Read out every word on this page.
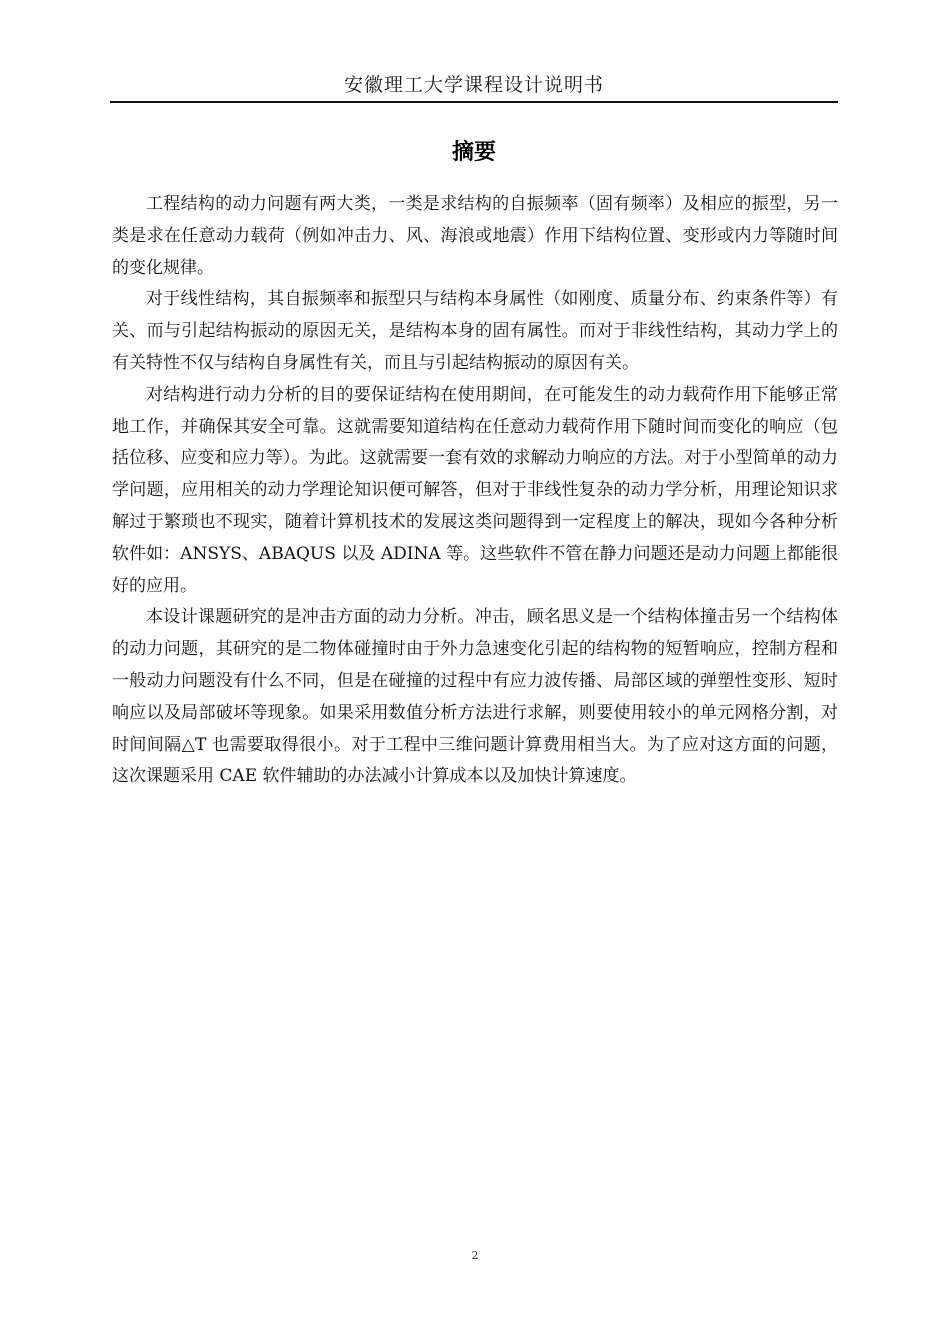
安徽理工大学课程设计说明书
摘要

工程结构的动力问题有两大类，一类是求结构的自振频率（固有频率）及相应的振型，另一类是求在任意动力载荷（例如冲击力、风、海浪或地震）作用下结构位置、变形或内力等随时间的变化规律。

对于线性结构，其自振频率和振型只与结构本身属性（如刚度、质量分布、约束条件等）有关、而与引起结构振动的原因无关，是结构本身的固有属性。而对于非线性结构，其动力学上的有关特性不仅与结构自身属性有关，而且与引起结构振动的原因有关。

对结构进行动力分析的目的要保证结构在使用期间，在可能发生的动力载荷作用下能够正常地工作，并确保其安全可靠。这就需要知道结构在任意动力载荷作用下随时间而变化的响应（包括位移、应变和应力等）。为此。这就需要一套有效的求解动力响应的方法。对于小型简单的动力学问题，应用相关的动力学理论知识便可解答，但对于非线性复杂的动力学分析，用理论知识求解过于繁琐也不现实，随着计算机技术的发展这类问题得到一定程度上的解决，现如今各种分析软件如：ANSYS、ABAQUS 以及 ADINA 等。这些软件不管在静力问题还是动力问题上都能很好的应用。

本设计课题研究的是冲击方面的动力分析。冲击，顾名思义是一个结构体撞击另一个结构体的动力问题，其研究的是二物体碰撞时由于外力急速变化引起的结构物的短暂响应，控制方程和一般动力问题没有什么不同，但是在碰撞的过程中有应力波传播、局部区域的弹塑性变形、短时响应以及局部破坏等现象。如果采用数值分析方法进行求解，则要使用较小的单元网格分割，对时间间隔△T 也需要取得很小。对于工程中三维问题计算费用相当大。为了应对这方面的问题，这次课题采用 CAE 软件辅助的办法减小计算成本以及加快计算速度。

2
